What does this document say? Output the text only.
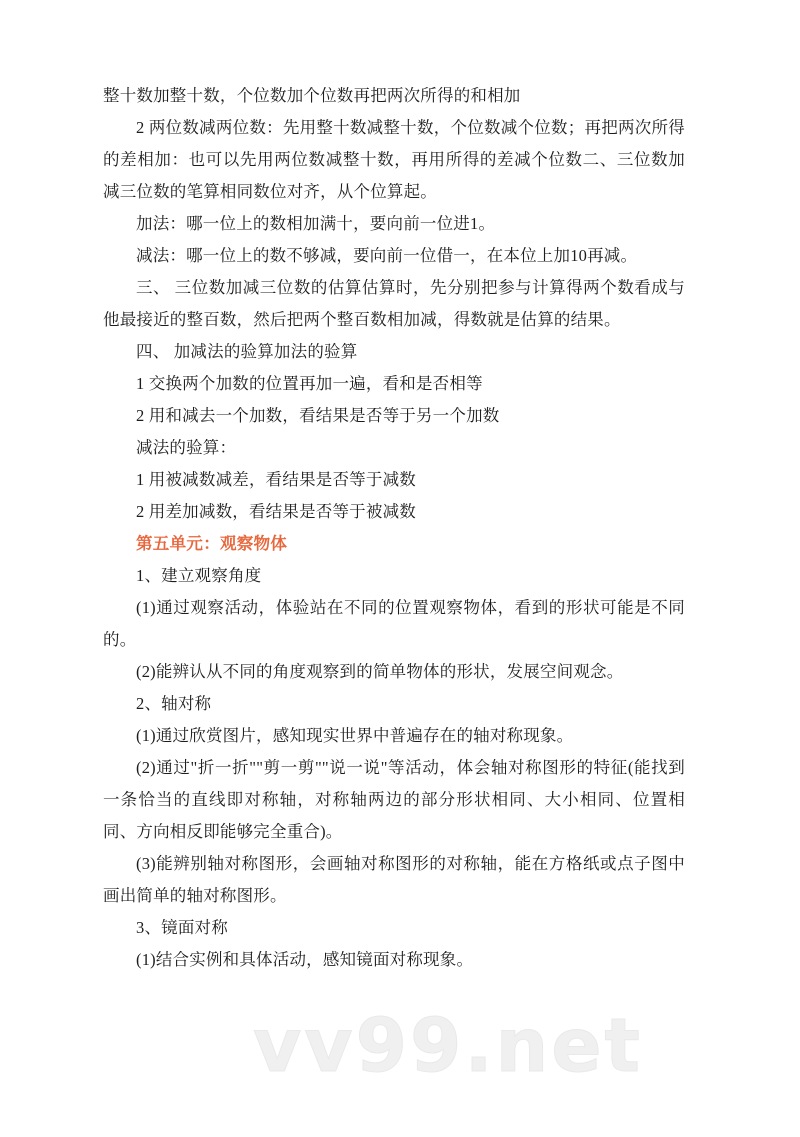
整十数加整十数，个位数加个位数再把两次所得的和相加

2 两位数减两位数：先用整十数减整十数，个位数减个位数；再把两次所得的差相加：也可以先用两位数减整十数，再用所得的差减个位数二、三位数加减三位数的笔算相同数位对齐，从个位算起。

加法：哪一位上的数相加满十，要向前一位进1。

减法：哪一位上的数不够减，要向前一位借一，在本位上加10再减。

三、 三位数加减三位数的估算估算时，先分别把参与计算得两个数看成与他最接近的整百数，然后把两个整百数相加减，得数就是估算的结果。

四、 加减法的验算加法的验算

1 交换两个加数的位置再加一遍，看和是否相等

2 用和减去一个加数，看结果是否等于另一个加数

减法的验算：

1 用被减数减差，看结果是否等于减数

2 用差加减数，看结果是否等于被减数

第五单元：观察物体

1、建立观察角度

(1)通过观察活动，体验站在不同的位置观察物体，看到的形状可能是不同的。

(2)能辨认从不同的角度观察到的简单物体的形状，发展空间观念。

2、轴对称

(1)通过欣赏图片，感知现实世界中普遍存在的轴对称现象。

(2)通过"折一折""剪一剪""说一说"等活动，体会轴对称图形的特征(能找到一条恰当的直线即对称轴，对称轴两边的部分形状相同、大小相同、位置相同、方向相反即能够完全重合)。

(3)能辨别轴对称图形，会画轴对称图形的对称轴，能在方格纸或点子图中画出简单的轴对称图形。

3、镜面对称

(1)结合实例和具体活动，感知镜面对称现象。

vv99.net
